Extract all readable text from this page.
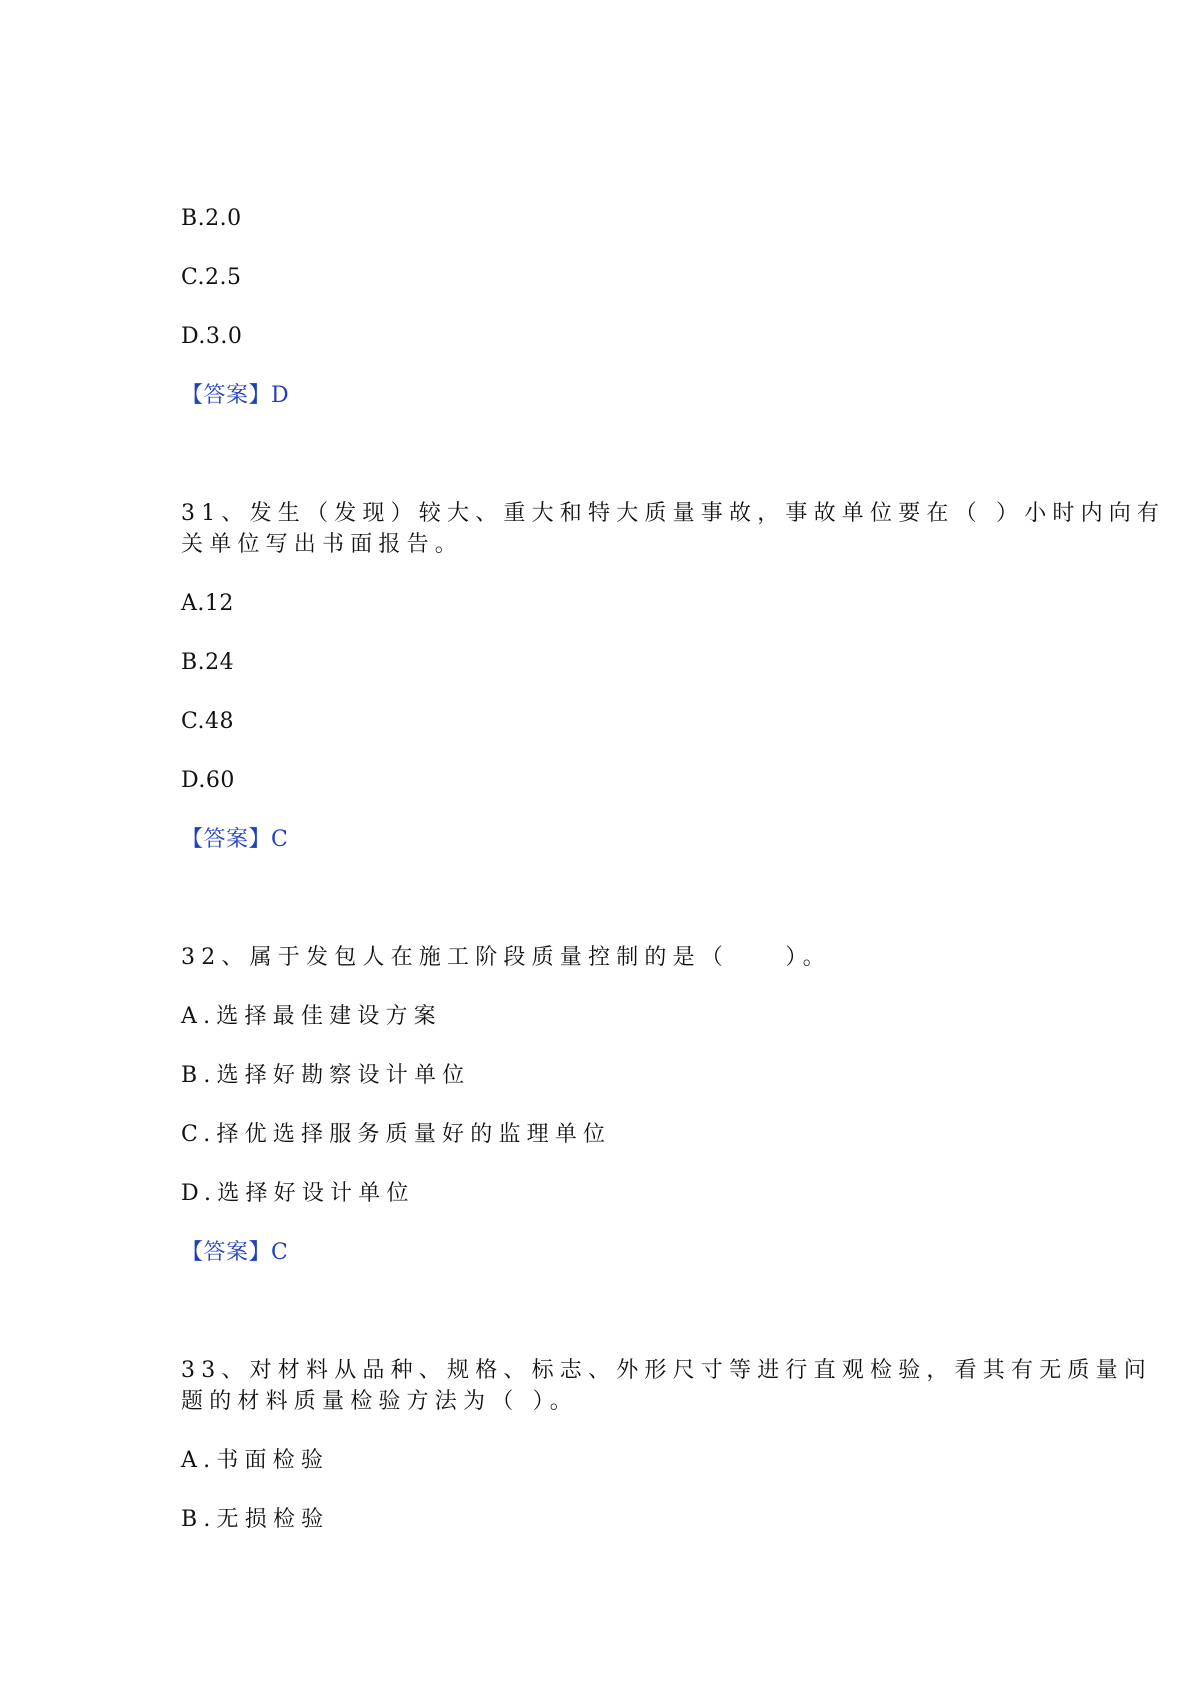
B.2.0
C.2.5
D.3.0
【答案】D
31、发生（发现）较大、重大和特大质量事故，事故单位要在（ ）小时内向有
关单位写出书面报告。
A.12
B.24
C.48
D.60
【答案】C
32、属于发包人在施工阶段质量控制的是（　　）。
A.选择最佳建设方案
B.选择好勘察设计单位
C.择优选择服务质量好的监理单位
D.选择好设计单位
【答案】C
33、对材料从品种、规格、标志、外形尺寸等进行直观检验，看其有无质量问
题的材料质量检验方法为（ ）。
A.书面检验
B.无损检验
